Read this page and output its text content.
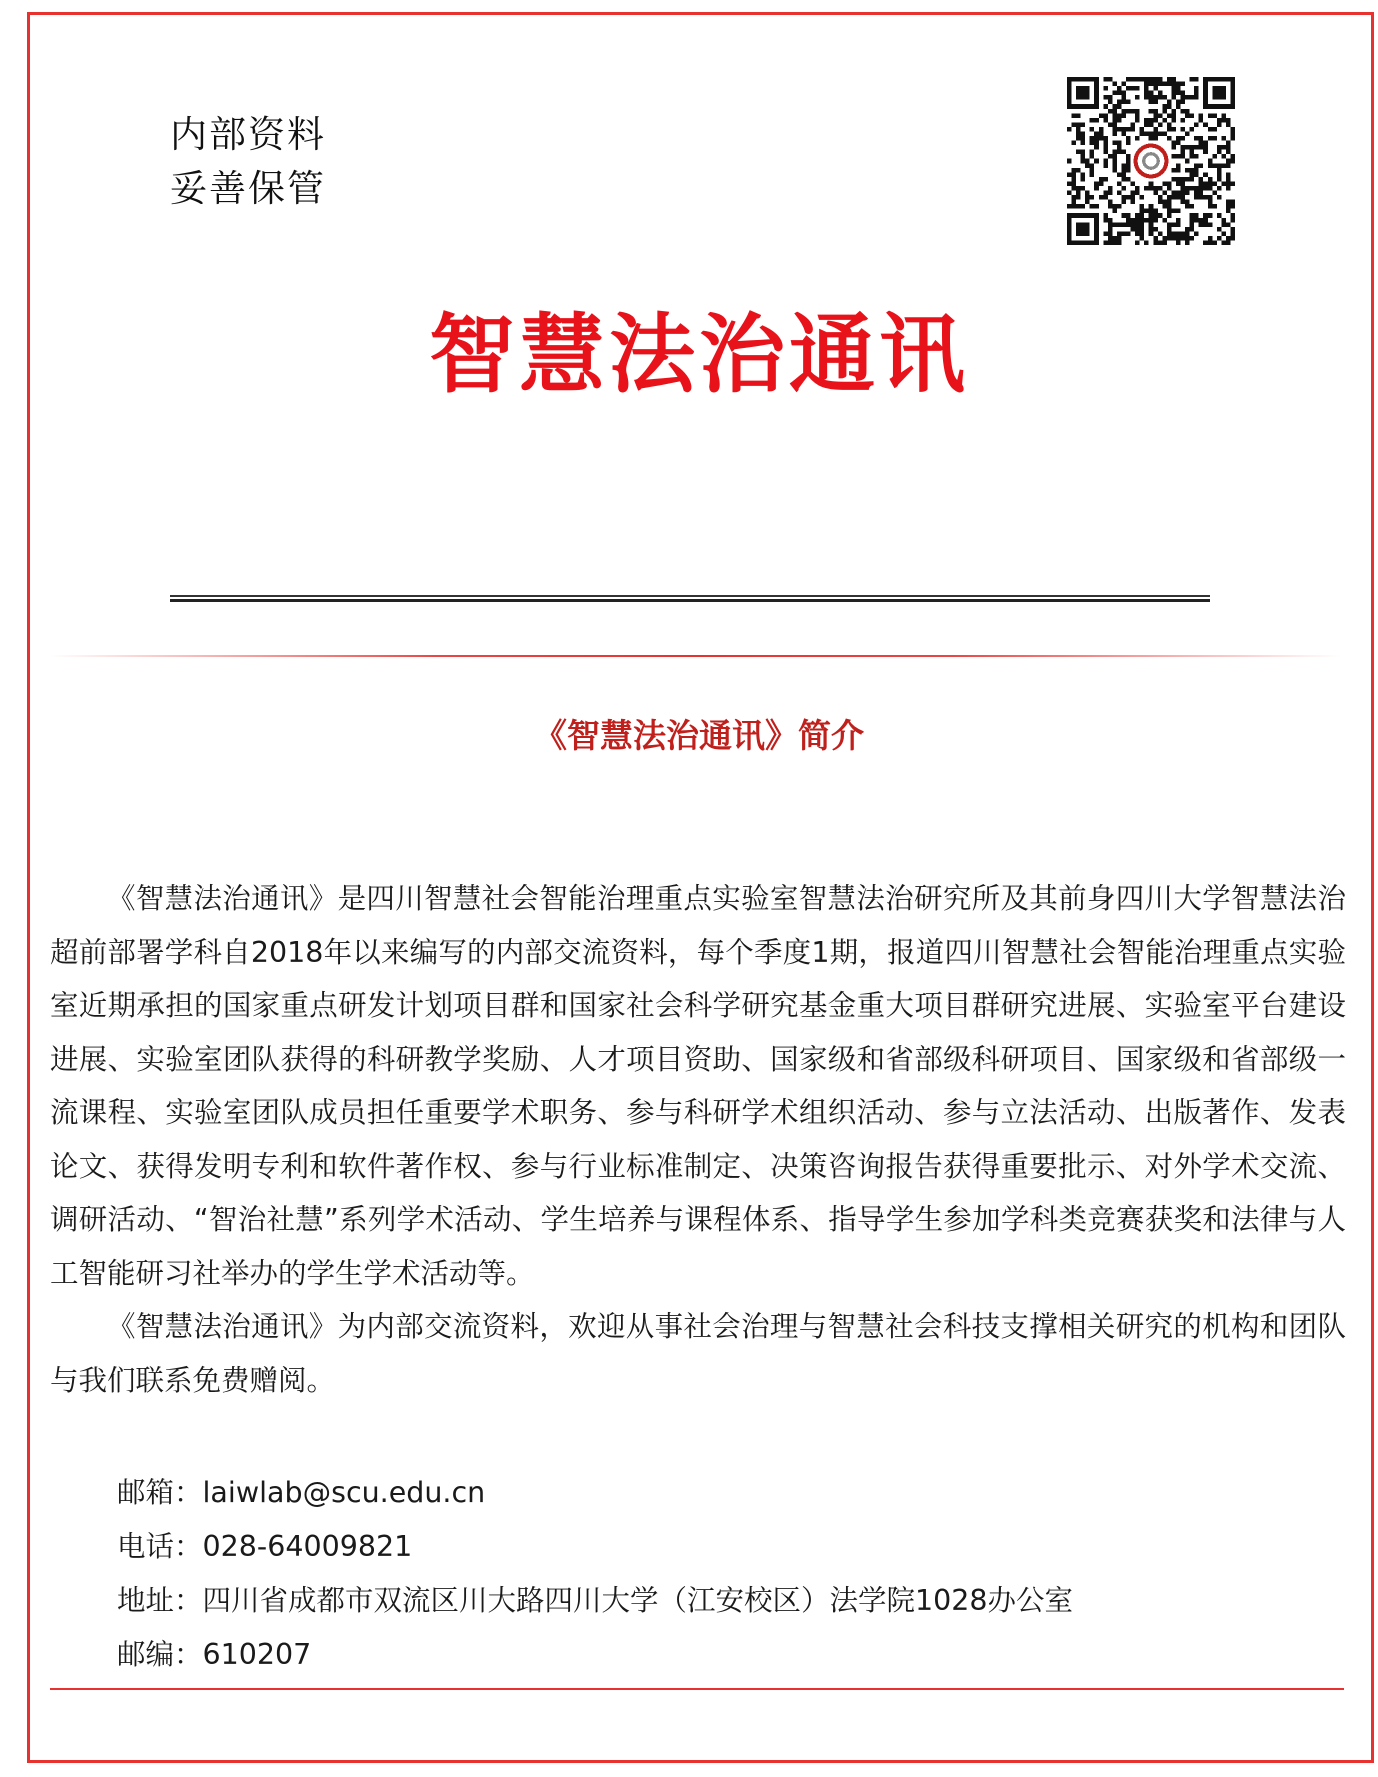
内部资料
妥善保管
智慧法治通讯
《智慧法治通讯》简介

《智慧法治通讯》是四川智慧社会智能治理重点实验室智慧法治研究所及其前身四川大学智慧法治超前部署学科自2018年以来编写的内部交流资料，每个季度1期，报道四川智慧社会智能治理重点实验室近期承担的国家重点研发计划项目群和国家社会科学研究基金重大项目群研究进展、实验室平台建设进展、实验室团队获得的科研教学奖励、人才项目资助、国家级和省部级科研项目、国家级和省部级一流课程、实验室团队成员担任重要学术职务、参与科研学术组织活动、参与立法活动、出版著作、发表论文、获得发明专利和软件著作权、参与行业标准制定、决策咨询报告获得重要批示、对外学术交流、调研活动、“智治社慧”系列学术活动、学生培养与课程体系、指导学生参加学科类竞赛获奖和法律与人工智能研习社举办的学生学术活动等。

《智慧法治通讯》为内部交流资料，欢迎从事社会治理与智慧社会科技支撑相关研究的机构和团队与我们联系免费赠阅。

邮箱：laiwlab@scu.edu.cn
电话：028-64009821
地址：四川省成都市双流区川大路四川大学（江安校区）法学院1028办公室
邮编：610207
